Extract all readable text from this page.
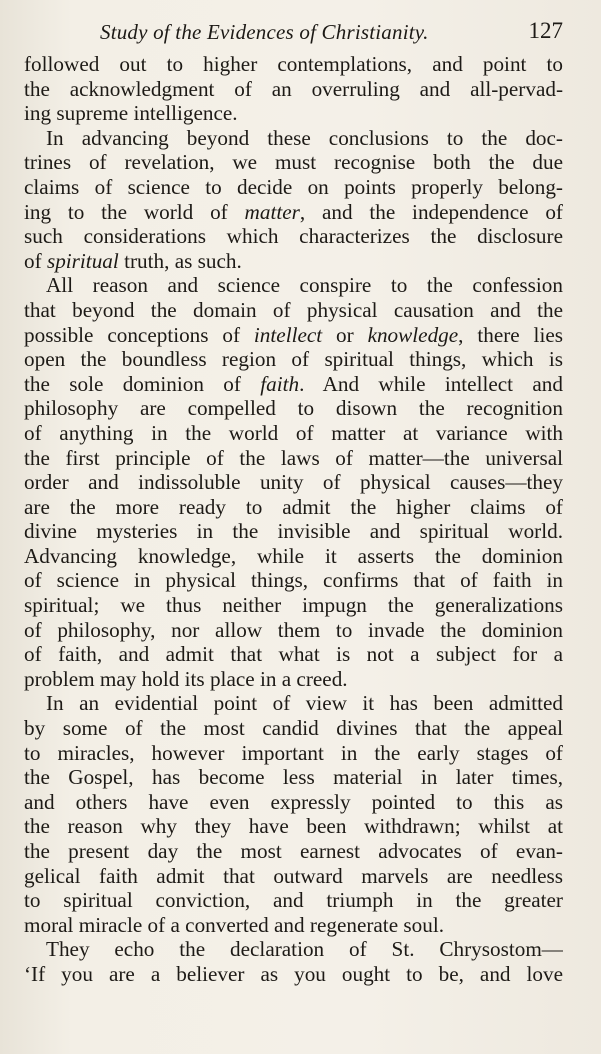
Study of the Evidences of Christianity.	127
followed out to higher contemplations, and point to
the acknowledgment of an overruling and all-pervad-
ing supreme intelligence.
In advancing beyond these conclusions to the doc-
trines of revelation, we must recognise both the due
claims of science to decide on points properly belong-
ing to the world of matter, and the independence of
such considerations which characterizes the disclosure
of spiritual truth, as such.
All reason and science conspire to the confession
that beyond the domain of physical causation and the
possible conceptions of intellect or knowledge, there lies
open the boundless region of spiritual things, which is
the sole dominion of faith. And while intellect and
philosophy are compelled to disown the recognition
of anything in the world of matter at variance with
the first principle of the laws of matter—the universal
order and indissoluble unity of physical causes—they
are the more ready to admit the higher claims of
divine mysteries in the invisible and spiritual world.
Advancing knowledge, while it asserts the dominion
of science in physical things, confirms that of faith in
spiritual; we thus neither impugn the generalizations
of philosophy, nor allow them to invade the dominion
of faith, and admit that what is not a subject for a
problem may hold its place in a creed.
In an evidential point of view it has been admitted
by some of the most candid divines that the appeal
to miracles, however important in the early stages of
the Gospel, has become less material in later times,
and others have even expressly pointed to this as
the reason why they have been withdrawn; whilst at
the present day the most earnest advocates of evan-
gelical faith admit that outward marvels are needless
to spiritual conviction, and triumph in the greater
moral miracle of a converted and regenerate soul.
They echo the declaration of St. Chrysostom—
‘If you are a believer as you ought to be, and love
